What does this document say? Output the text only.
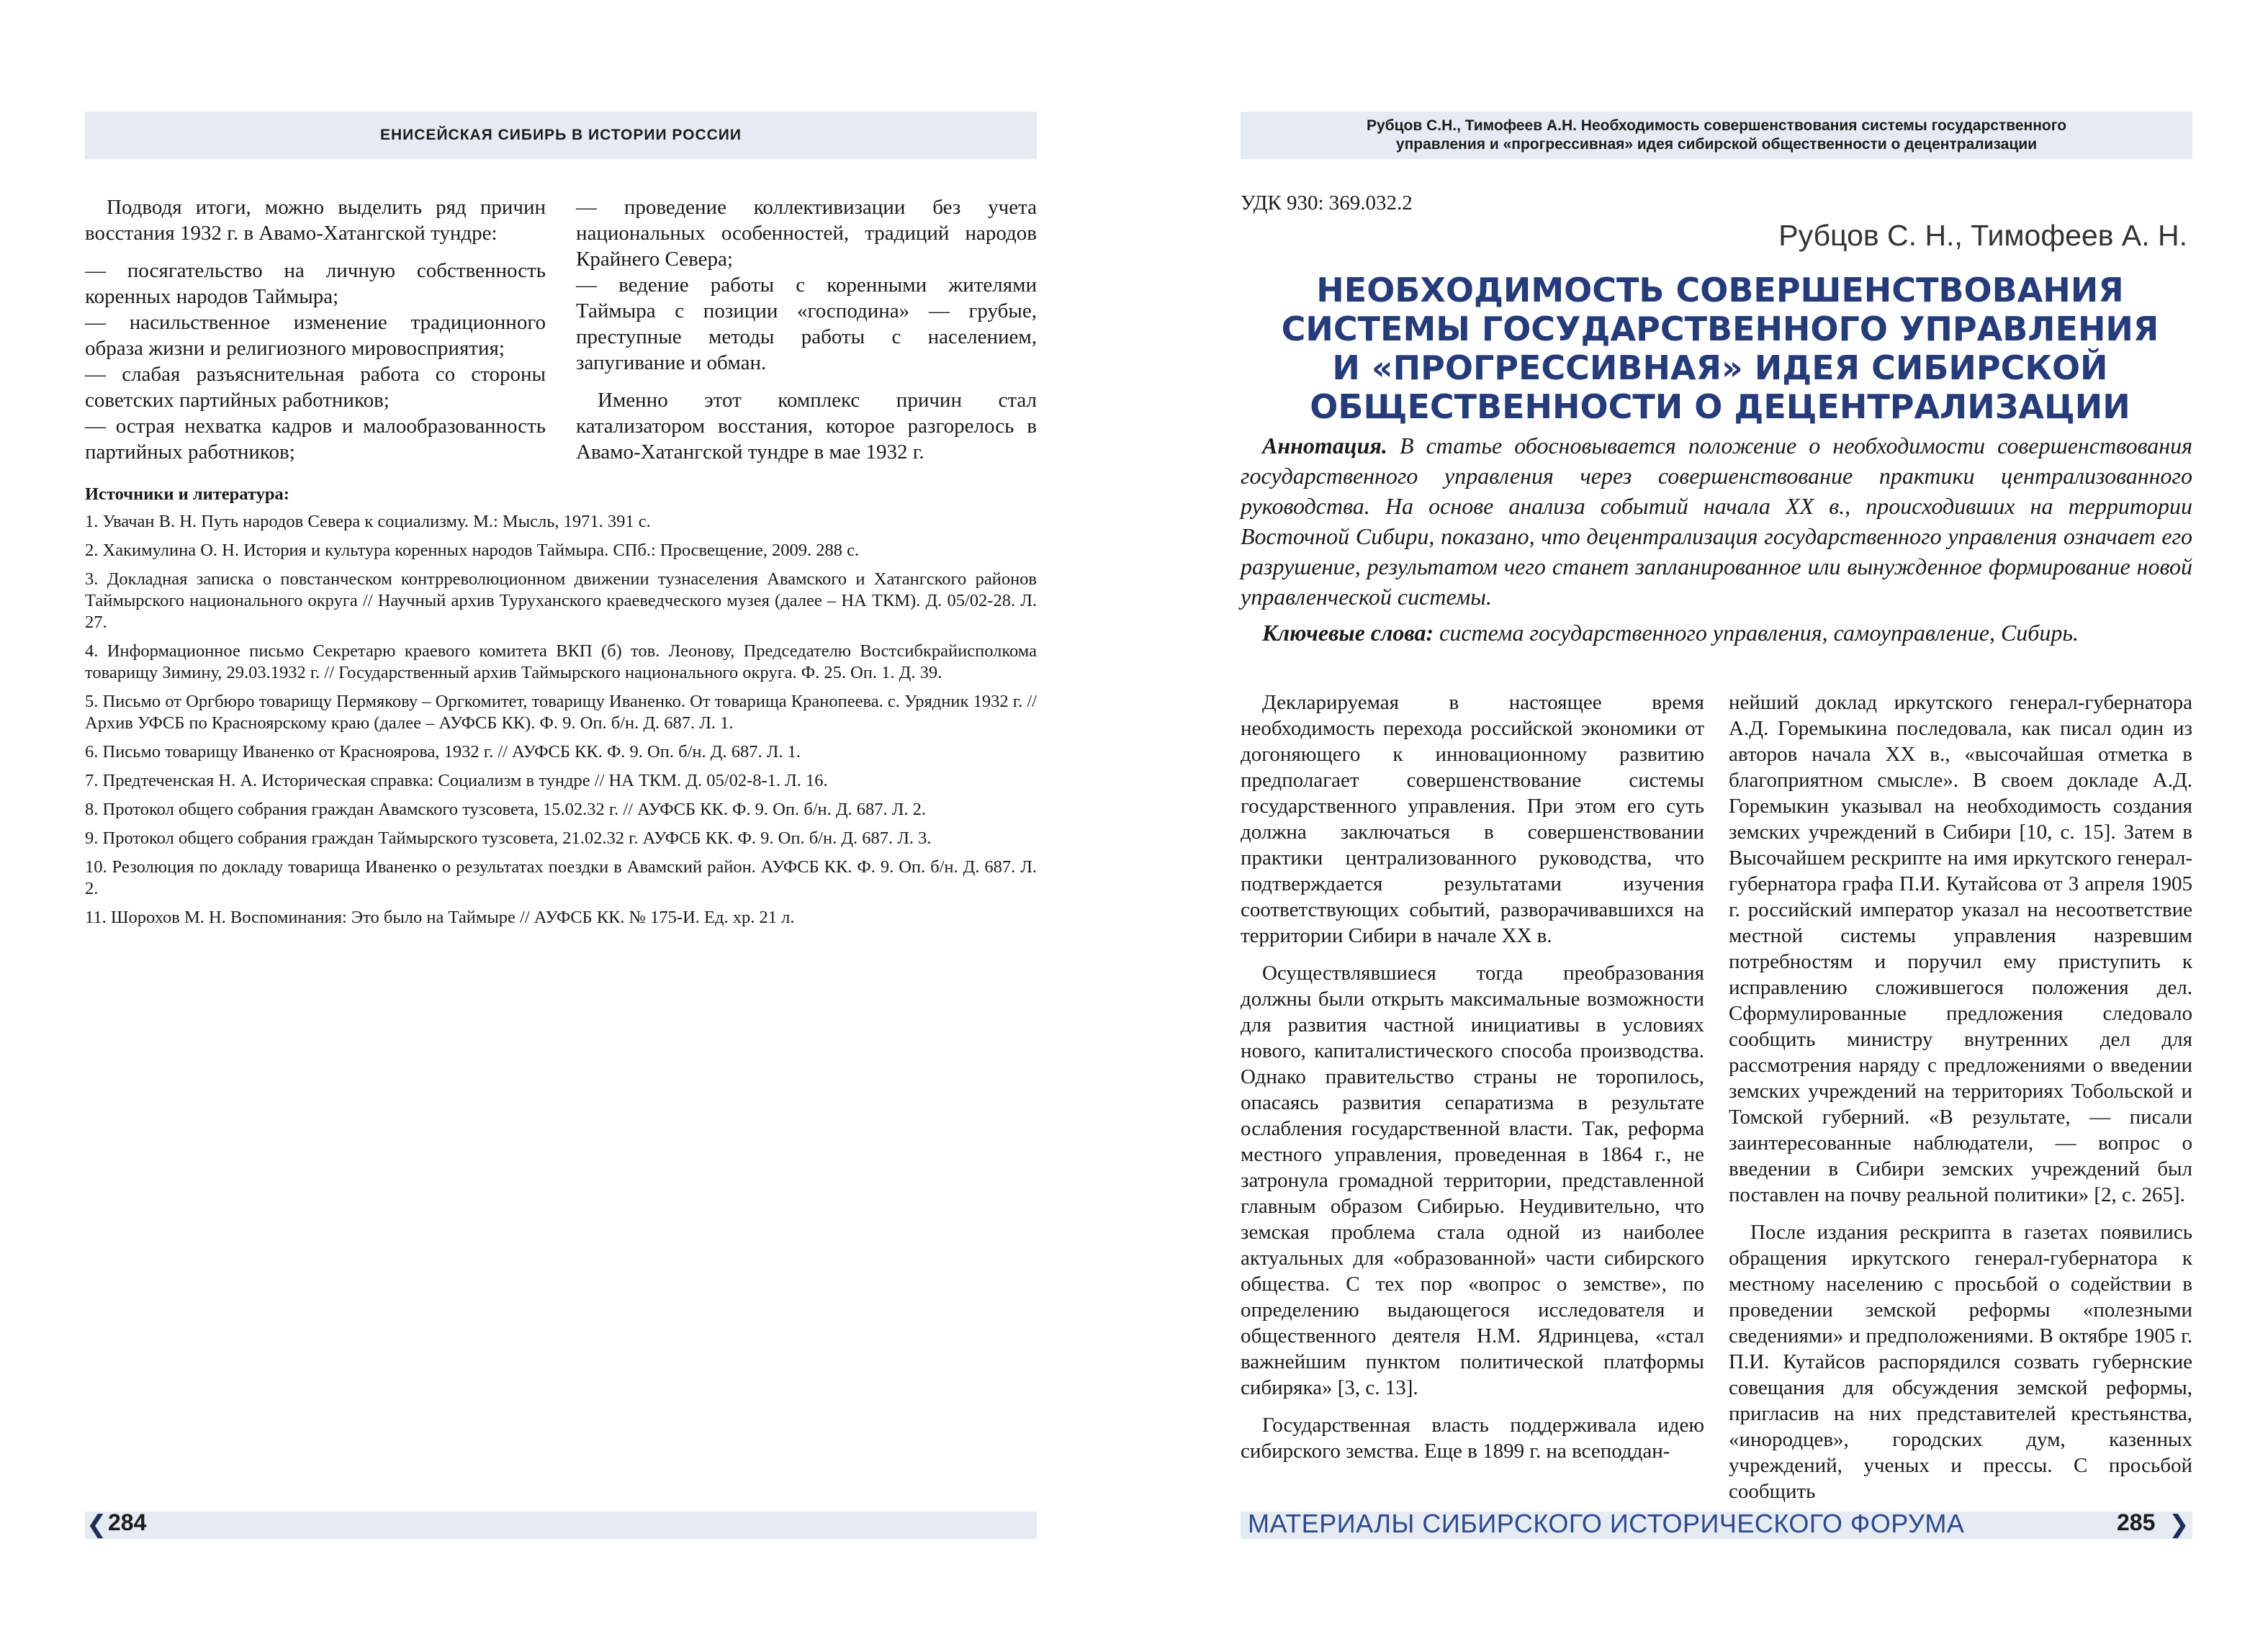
ЕНИСЕЙСКАЯ СИБИРЬ В ИСТОРИИ РОССИИ

Подводя итоги, можно выделить ряд причин восстания 1932 г. в Авамо-Хатангской тундре:

— посягательство на личную собственность коренных народов Таймыра;
— насильственное изменение традиционного образа жизни и религиозного мировосприятия;
— слабая разъяснительная работа со стороны советских партийных работников;
— острая нехватка кадров и малообразованность партийных работников;
— проведение коллективизации без учета национальных особенностей, традиций народов Крайнего Севера;
— ведение работы с коренными жителями Таймыра с позиции «господина» — грубые, преступные методы работы с населением, запугивание и обман.

Именно этот комплекс причин стал катализатором восстания, которое разгорелось в Авамо-Хатангской тундре в мае 1932 г.

Источники и литература:
1. Увачан В. Н. Путь народов Севера к социализму. М.: Мысль, 1971. 391 с.
2. Хакимулина О. Н. История и культура коренных народов Таймыра. СПб.: Просвещение, 2009. 288 с.
3. Докладная записка о повстанческом контрреволюционном движении тузнаселения Авамского и Хатангского районов Таймырского национального округа // Научный архив Туруханского краеведческого музея (далее – НА ТКМ). Д. 05/02-28. Л. 27.
4. Информационное письмо Секретарю краевого комитета ВКП (б) тов. Леонову, Председателю Востсибкрайисполкома товарищу Зимину, 29.03.1932 г. // Государственный архив Таймырского национального округа. Ф. 25. Оп. 1. Д. 39.
5. Письмо от Оргбюро товарищу Пермякову – Оргкомитет, товарищу Иваненко. От товарища Кранопеева. с. Урядник 1932 г. // Архив УФСБ по Красноярскому краю (далее – АУФСБ КК). Ф. 9. Оп. б/н. Д. 687. Л. 1.
6. Письмо товарищу Иваненко от Красноярова, 1932 г. // АУФСБ КК. Ф. 9. Оп. б/н. Д. 687. Л. 1.
7. Предтеченская Н. А. Историческая справка: Социализм в тундре // НА ТКМ. Д. 05/02-8-1. Л. 16.
8. Протокол общего собрания граждан Авамского тузсовета, 15.02.32 г. // АУФСБ КК. Ф. 9. Оп. б/н. Д. 687. Л. 2.
9. Протокол общего собрания граждан Таймырского тузсовета, 21.02.32 г. АУФСБ КК. Ф. 9. Оп. б/н. Д. 687. Л. 3.
10. Резолюция по докладу товарища Иваненко о результатах поездки в Авамский район. АУФСБ КК. Ф. 9. Оп. б/н. Д. 687. Л. 2.
11. Шорохов М. Н. Воспоминания: Это было на Таймыре // АУФСБ КК. № 175-И. Ед. хр. 21 л.
❮ 284
Рубцов С.Н., Тимофеев А.Н. Необходимость совершенствования системы государственного
управления и «прогрессивная» идея сибирской общественности о децентрализации
УДК 930: 369.032.2
Рубцов С. Н., Тимофеев А. Н.
НЕОБХОДИМОСТЬ СОВЕРШЕНСТВОВАНИЯ
СИСТЕМЫ ГОСУДАРСТВЕННОГО УПРАВЛЕНИЯ
И «ПРОГРЕССИВНАЯ» ИДЕЯ СИБИРСКОЙ
ОБЩЕСТВЕННОСТИ О ДЕЦЕНТРАЛИЗАЦИИ
Аннотация. В статье обосновывается положение о необходимости совершенствования государственного управления через совершенствование практики централизованного руководства. На основе анализа событий начала XX в., происходивших на территории Восточной Сибири, показано, что децентрализация государственного управления означает его разрушение, результатом чего станет запланированное или вынужденное формирование новой управленческой системы.
Ключевые слова: система государственного управления, самоуправление, Сибирь.

Декларируемая в настоящее время необходимость перехода российской экономики от догоняющего к инновационному развитию предполагает совершенствование системы государственного управления. При этом его суть должна заключаться в совершенствовании практики централизованного руководства, что подтверждается результатами изучения соответствующих событий, разворачивавшихся на территории Сибири в начале XX в.

Осуществлявшиеся тогда преобразования должны были открыть максимальные возможности для развития частной инициативы в условиях нового, капиталистического способа производства. Однако правительство страны не торопилось, опасаясь развития сепаратизма в результате ослабления государственной власти. Так, реформа местного управления, проведенная в 1864 г., не затронула громадной территории, представленной главным образом Сибирью. Неудивительно, что земская проблема стала одной из наиболее актуальных для «образованной» части сибирского общества. С тех пор «вопрос о земстве», по определению выдающегося исследователя и общественного деятеля Н.М. Ядринцева, «стал важнейшим пунктом политической платформы сибиряка» [3, с. 13].

Государственная власть поддерживала идею сибирского земства. Еще в 1899 г. на всеподдан-

нейший доклад иркутского генерал-губернатора А.Д. Горемыкина последовала, как писал один из авторов начала XX в., «высочайшая отметка в благоприятном смысле». В своем докладе А.Д. Горемыкин указывал на необходимость создания земских учреждений в Сибири [10, с. 15]. Затем в Высочайшем рескрипте на имя иркутского генерал-губернатора графа П.И. Кутайсова от 3 апреля 1905 г. российский император указал на несоответствие местной системы управления назревшим потребностям и поручил ему приступить к исправлению сложившегося положения дел. Сформулированные предложения следовало сообщить министру внутренних дел для рассмотрения наряду с предложениями о введении земских учреждений на территориях Тобольской и Томской губерний. «В результате, — писали заинтересованные наблюдатели, — вопрос о введении в Сибири земских учреждений был поставлен на почву реальной политики» [2, с. 265].

После издания рескрипта в газетах появились обращения иркутского генерал-губернатора к местному населению с просьбой о содействии в проведении земской реформы «полезными сведениями» и предположениями. В октябре 1905 г. П.И. Кутайсов распорядился созвать губернские совещания для обсуждения земской реформы, пригласив на них представителей крестьянства, «инородцев», городских дум, казенных учреждений, ученых и прессы. С просьбой сообщить

МАТЕРИАЛЫ СИБИРСКОГО ИСТОРИЧЕСКОГО ФОРУМА	285 ❯
